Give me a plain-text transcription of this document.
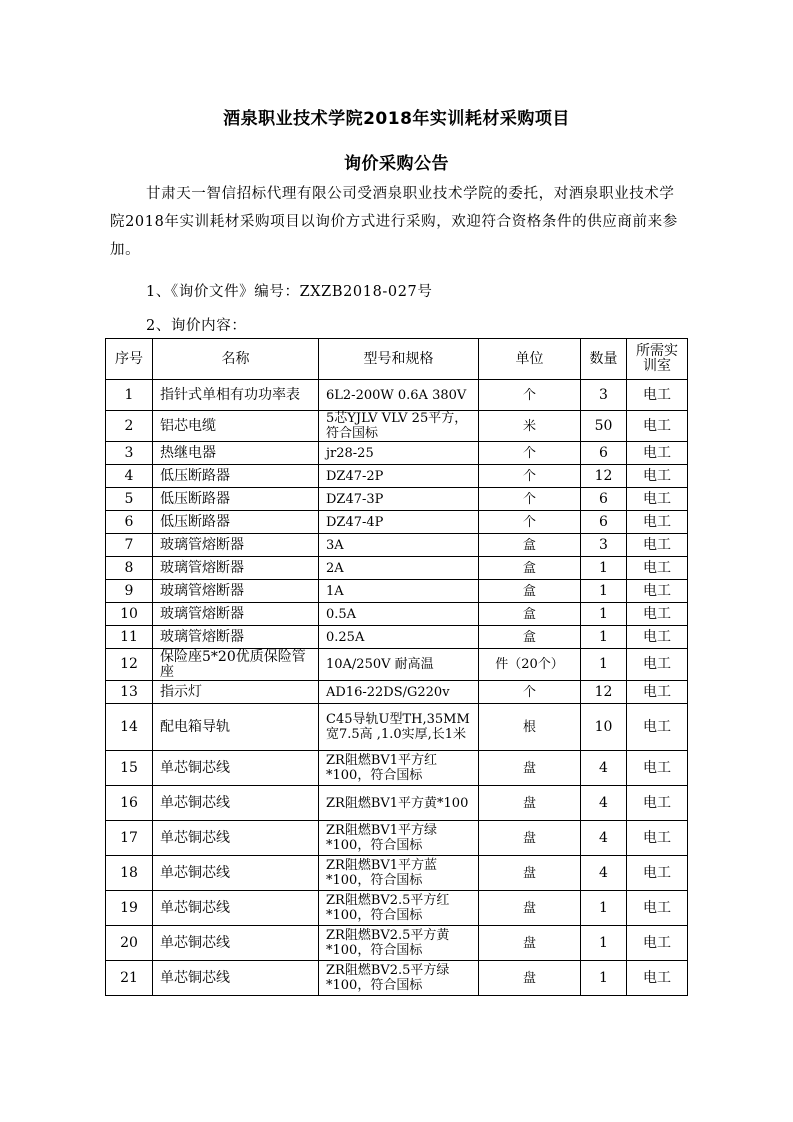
酒泉职业技术学院2018年实训耗材采购项目
询价采购公告
甘肃天一智信招标代理有限公司受酒泉职业技术学院的委托，对酒泉职业技术学院2018年实训耗材采购项目以询价方式进行采购，欢迎符合资格条件的供应商前来参加。
1、《询价文件》编号：ZXZB2018-027号
2、询价内容：
序号	名称	型号和规格	单位	数量	所需实训室
1	指针式单相有功功率表	6L2-200W 0.6A 380V	个	3	电工
2	铝芯电缆	5芯YJLV VLV 25平方，符合国标	米	50	电工
3	热继电器	jr28-25	个	6	电工
4	低压断路器	DZ47-2P	个	12	电工
5	低压断路器	DZ47-3P	个	6	电工
6	低压断路器	DZ47-4P	个	6	电工
7	玻璃管熔断器	3A	盒	3	电工
8	玻璃管熔断器	2A	盒	1	电工
9	玻璃管熔断器	1A	盒	1	电工
10	玻璃管熔断器	0.5A	盒	1	电工
11	玻璃管熔断器	0.25A	盒	1	电工
12	保险座5*20优质保险管座	10A/250V 耐高温	件（20个）	1	电工
13	指示灯	AD16-22DS/G220v	个	12	电工
14	配电箱导轨	C45导轨U型TH,35MM宽7.5高 ,1.0实厚,长1米	根	10	电工
15	单芯铜芯线	ZR阻燃BV1平方红*100，符合国标	盘	4	电工
16	单芯铜芯线	ZR阻燃BV1平方黄*100	盘	4	电工
17	单芯铜芯线	ZR阻燃BV1平方绿*100，符合国标	盘	4	电工
18	单芯铜芯线	ZR阻燃BV1平方蓝*100，符合国标	盘	4	电工
19	单芯铜芯线	ZR阻燃BV2.5平方红*100，符合国标	盘	1	电工
20	单芯铜芯线	ZR阻燃BV2.5平方黄*100，符合国标	盘	1	电工
21	单芯铜芯线	ZR阻燃BV2.5平方绿*100，符合国标	盘	1	电工
